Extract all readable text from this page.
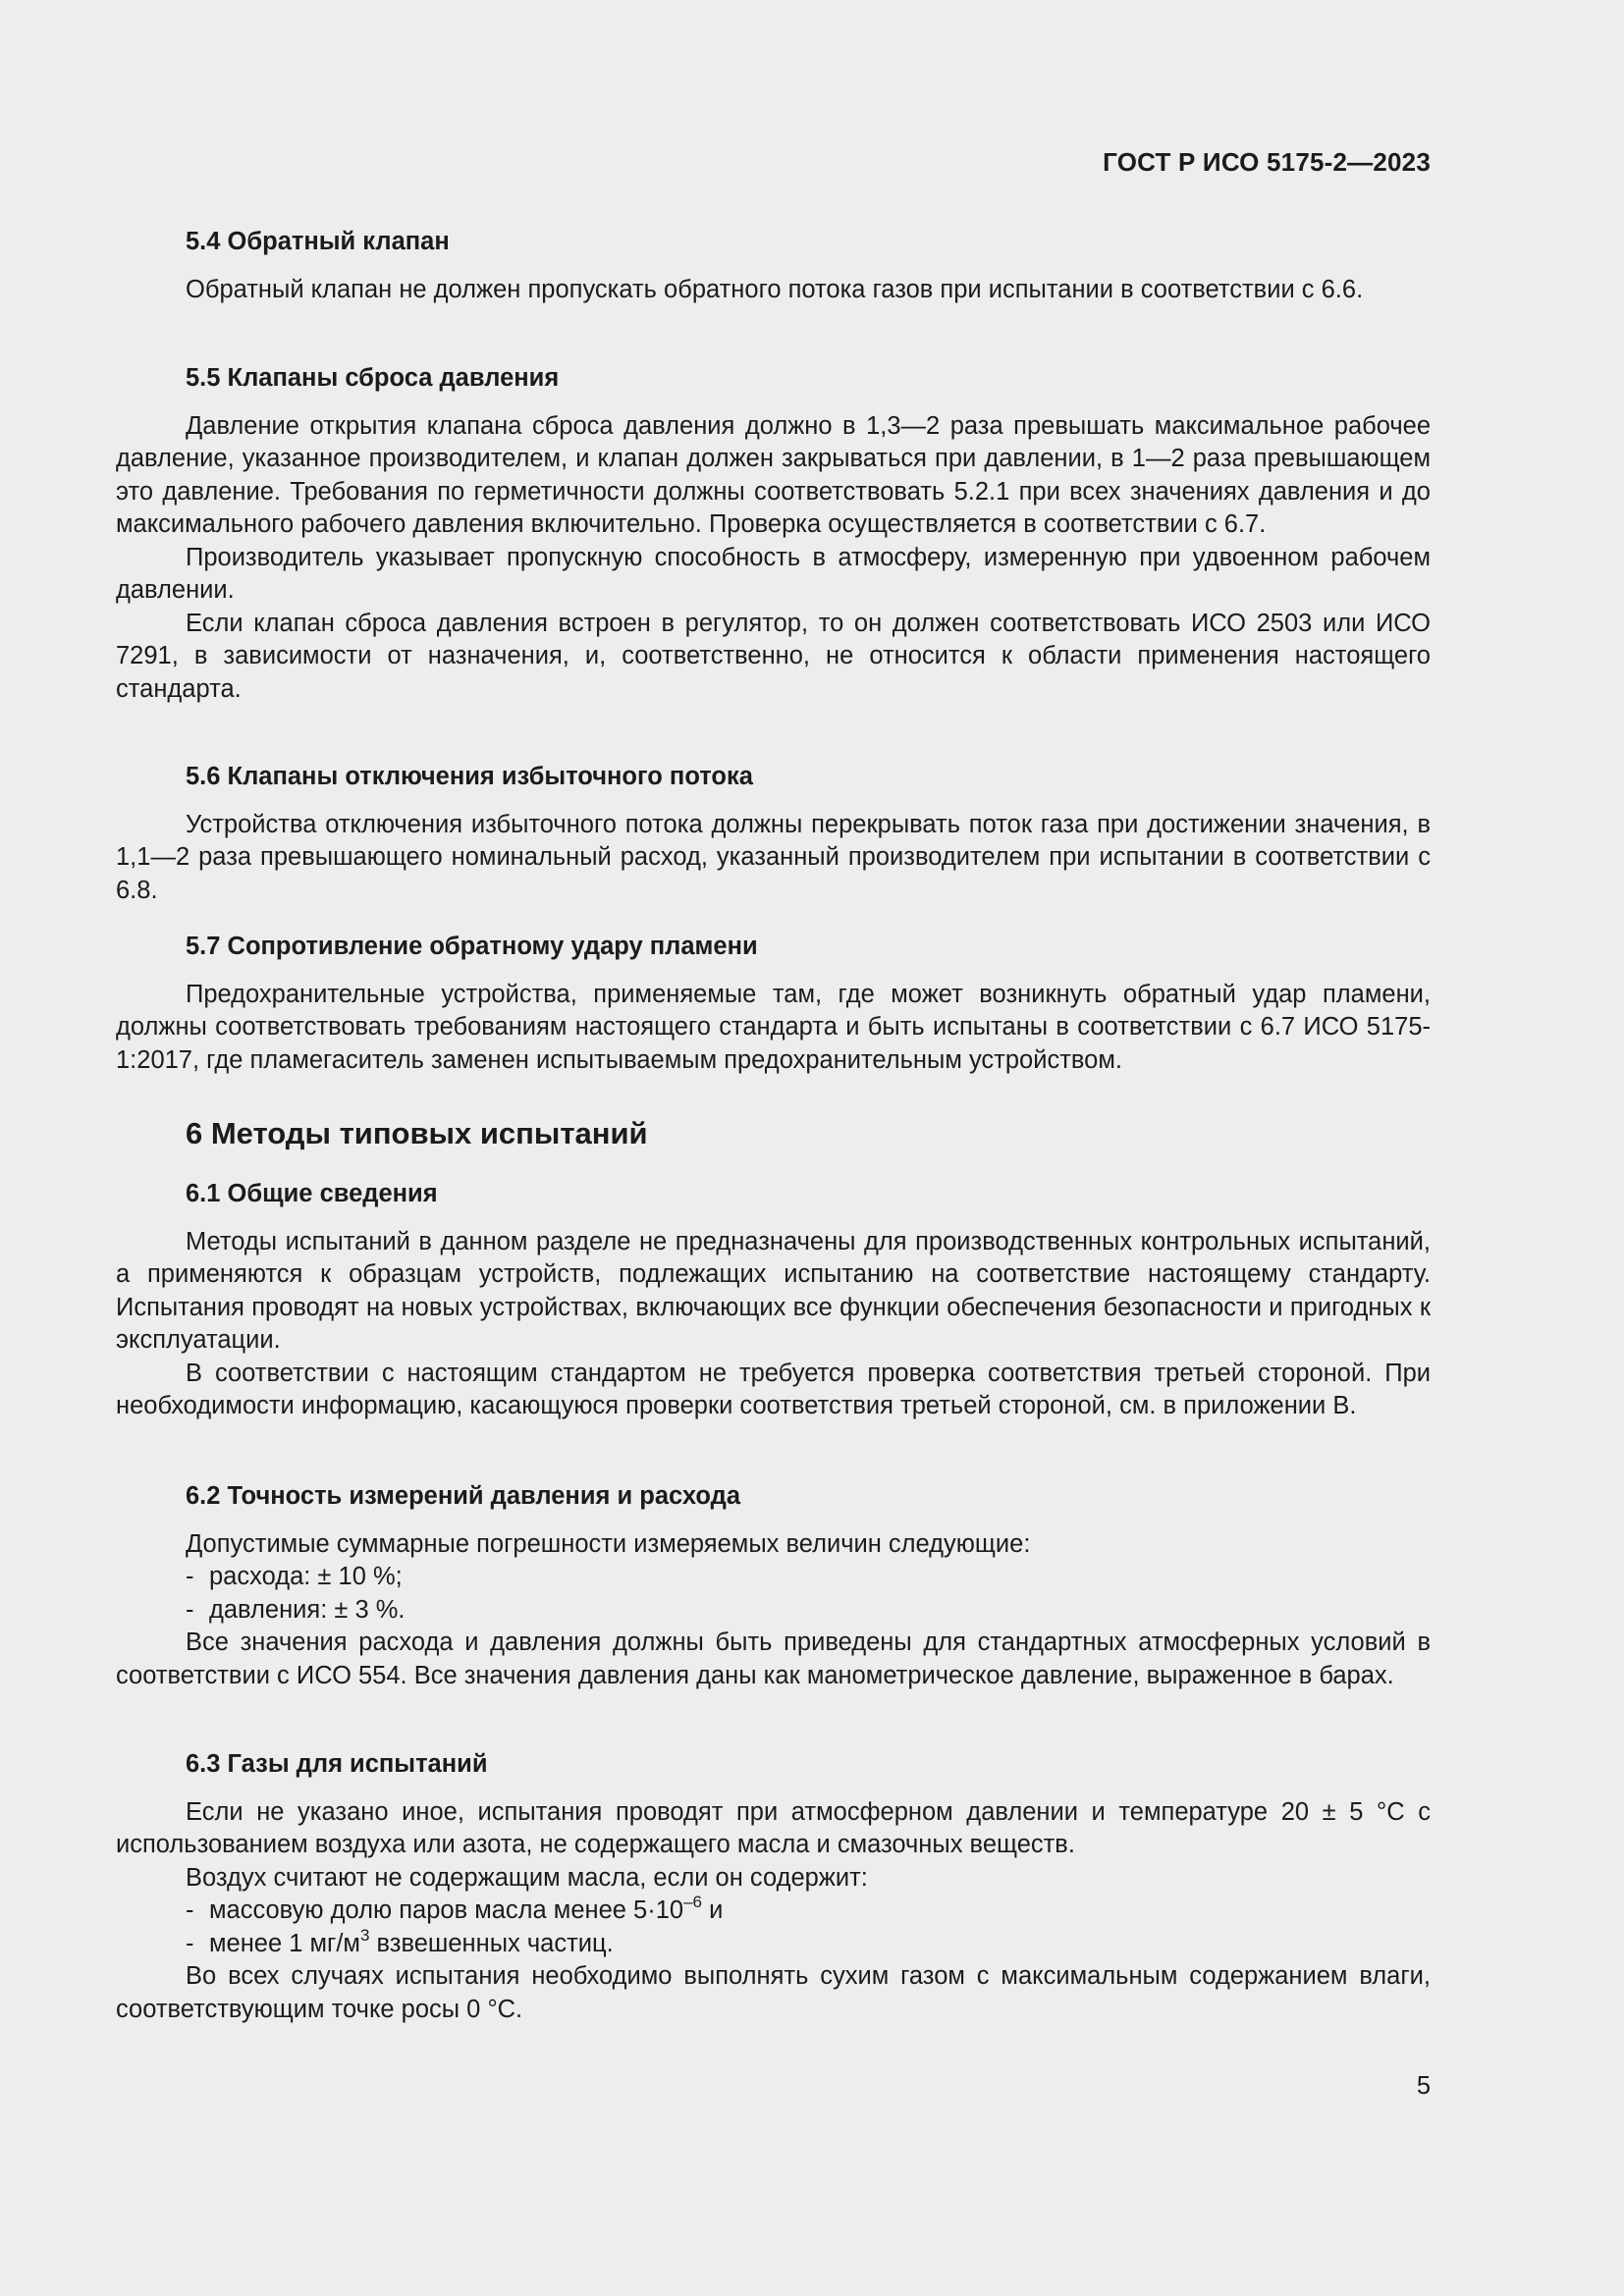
ГОСТ Р ИСО 5175-2—2023

5.4 Обратный клапан

Обратный клапан не должен пропускать обратного потока газов при испытании в соответствии с 6.6.

5.5 Клапаны сброса давления

Давление открытия клапана сброса давления должно в 1,3—2 раза превышать максимальное рабочее давление, указанное производителем, и клапан должен закрываться при давлении, в 1—2 раза превышающем это давление. Требования по герметичности должны соответствовать 5.2.1 при всех значениях давления и до максимального рабочего давления включительно. Проверка осуществляется в соответствии с 6.7.

Производитель указывает пропускную способность в атмосферу, измеренную при удвоенном рабочем давлении.

Если клапан сброса давления встроен в регулятор, то он должен соответствовать ИСО 2503 или ИСО 7291, в зависимости от назначения, и, соответственно, не относится к области применения настоящего стандарта.

5.6 Клапаны отключения избыточного потока

Устройства отключения избыточного потока должны перекрывать поток газа при достижении значения, в 1,1—2 раза превышающего номинальный расход, указанный производителем при испытании в соответствии с 6.8.

5.7 Сопротивление обратному удару пламени

Предохранительные устройства, применяемые там, где может возникнуть обратный удар пламени, должны соответствовать требованиям настоящего стандарта и быть испытаны в соответствии с 6.7 ИСО 5175-1:2017, где пламегаситель заменен испытываемым предохранительным устройством.

6 Методы типовых испытаний

6.1 Общие сведения

Методы испытаний в данном разделе не предназначены для производственных контрольных испытаний, а применяются к образцам устройств, подлежащих испытанию на соответствие настоящему стандарту. Испытания проводят на новых устройствах, включающих все функции обеспечения безопасности и пригодных к эксплуатации.

В соответствии с настоящим стандартом не требуется проверка соответствия третьей стороной. При необходимости информацию, касающуюся проверки соответствия третьей стороной, см. в приложении В.

6.2 Точность измерений давления и расхода

Допустимые суммарные погрешности измеряемых величин следующие:

- расхода: ± 10 %;

- давления: ± 3 %.

Все значения расхода и давления должны быть приведены для стандартных атмосферных условий в соответствии с ИСО 554. Все значения давления даны как манометрическое давление, выраженное в барах.

6.3 Газы для испытаний

Если не указано иное, испытания проводят при атмосферном давлении и температуре 20 ± 5 °С с использованием воздуха или азота, не содержащего масла и смазочных веществ.

Воздух считают не содержащим масла, если он содержит:

- массовую долю паров масла менее $5\cdot 10^{-6}$ и

- менее 1 $мг/м^3$ взвешенных частиц.

Во всех случаях испытания необходимо выполнять сухим газом с максимальным содержанием влаги, соответствующим точке росы 0 °С.

5
